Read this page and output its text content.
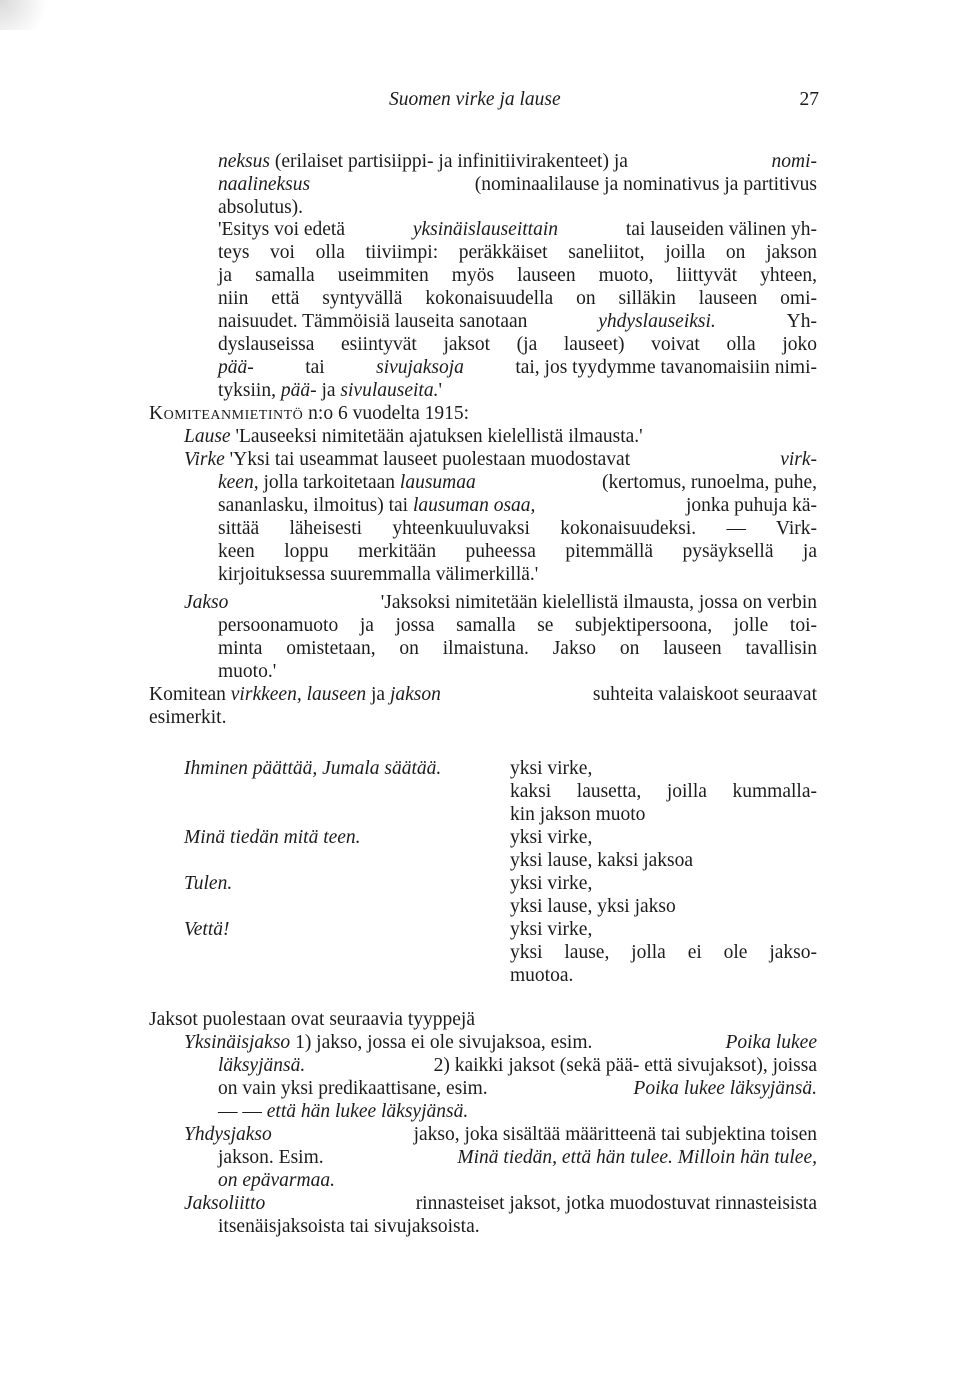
Suomen virke ja lause	27
neksus (erilaiset partisiippi- ja infinitiivirakenteet) ja	nomi-
naalineksus	(nominaalilause ja nominativus ja partitivus
absolutus).
'Esitys voi edetä	yksinäislauseittain	tai lauseiden välinen yh-
teys voi olla tiiviimpi: peräkkäiset saneliitot, joilla on jakson
ja samalla useimmiten myös lauseen muoto, liittyvät yhteen,
niin että syntyvällä kokonaisuudella on silläkin lauseen omi-
naisuudet. Tämmöisiä lauseita sanotaan	yhdyslauseiksi.	Yh-
dyslauseissa esiintyvät jaksot (ja lauseet) voivat olla joko
pää-	tai	sivujaksoja	tai, jos tyydymme tavanomaisiin nimi-
tyksiin, pää- ja sivulauseita.'
Komiteanmietintö n:o 6 vuodelta 1915:
Lause 'Lauseeksi nimitetään ajatuksen kielellistä ilmausta.'
Virke 'Yksi tai useammat lauseet puolestaan muodostavat	virk-
keen, jolla tarkoitetaan lausumaa	(kertomus, runoelma, puhe,
sananlasku, ilmoitus) tai lausuman osaa,	jonka puhuja kä-
sittää läheisesti yhteenkuuluvaksi kokonaisuudeksi. — Virk-
keen loppu merkitään puheessa pitemmällä pysäyksellä ja
kirjoituksessa suuremmalla välimerkillä.'
Jakso	'Jaksoksi nimitetään kielellistä ilmausta, jossa on verbin
persoonamuoto ja jossa samalla se subjektipersoona, jolle toi-
minta omistetaan, on ilmaistuna. Jakso on lauseen tavallisin
muoto.'
Komitean virkkeen, lauseen ja jakson	suhteita valaiskoot seuraavat
esimerkit.
Ihminen päättää, Jumala säätää.	yksi virke,
kaksi lausetta, joilla kummalla-
kin jakson muoto
Minä tiedän mitä teen.	yksi virke,
yksi lause, kaksi jaksoa
Tulen.	yksi virke,
yksi lause, yksi jakso
Vettä!	yksi virke,
yksi lause, jolla ei ole jakso-
muotoa.
Jaksot puolestaan ovat seuraavia tyyppejä
Yksinäisjakso 1) jakso, jossa ei ole sivujaksoa, esim.	Poika lukee
läksyjänsä.	2) kaikki jaksot (sekä pää- että sivujaksot), joissa
on vain yksi predikaattisane, esim.	Poika lukee läksyjänsä.
— — että hän lukee läksyjänsä.
Yhdysjakso	jakso, joka sisältää määritteenä tai subjektina toisen
jakson. Esim.	Minä tiedän, että hän tulee. Milloin hän tulee,
on epävarmaa.
Jaksoliitto	rinnasteiset jaksot, jotka muodostuvat rinnasteisista
itsenäisjaksoista tai sivujaksoista.
